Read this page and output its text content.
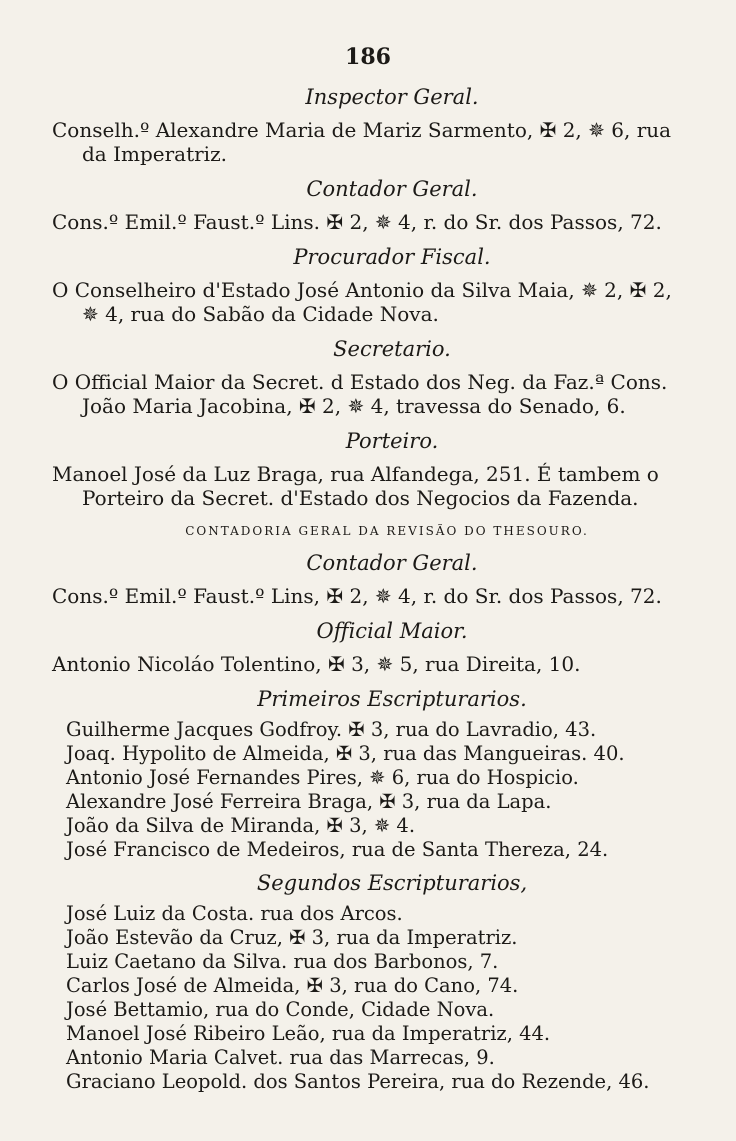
186
Inspector Geral.
Conselh.º Alexandre Maria de Mariz Sarmento, ✠ 2, ✵ 6, rua da Imperatriz.
Contador Geral.
Cons.º Emil.º Faust.º Lins. ✠ 2, ✵ 4, r. do Sr. dos Passos, 72.
Procurador Fiscal.
O Conselheiro d'Estado José Antonio da Silva Maia, ✵ 2, ✠ 2, ✵ 4, rua do Sabão da Cidade Nova.
Secretario.
O Official Maior da Secret. d Estado dos Neg. da Faz.ª Cons. João Maria Jacobina, ✠ 2, ✵ 4, travessa do Senado, 6.
Porteiro.
Manoel José da Luz Braga, rua Alfandega, 251. É tambem o Porteiro da Secret. d'Estado dos Negocios da Fazenda.
CONTADORIA GERAL DA REVISÃO DO THESOURO.
Contador Geral.
Cons.º Emil.º Faust.º Lins, ✠ 2, ✵ 4, r. do Sr. dos Passos, 72.
Official Maior.
Antonio Nicoláo Tolentino, ✠ 3, ✵ 5, rua Direita, 10.
Primeiros Escripturarios.
Guilherme Jacques Godfroy. ✠ 3, rua do Lavradio, 43.
Joaq. Hypolito de Almeida, ✠ 3, rua das Mangueiras. 40.
Antonio José Fernandes Pires, ✵ 6, rua do Hospicio.
Alexandre José Ferreira Braga, ✠ 3, rua da Lapa.
João da Silva de Miranda, ✠ 3, ✵ 4.
José Francisco de Medeiros, rua de Santa Thereza, 24.
Segundos Escripturarios,
José Luiz da Costa. rua dos Arcos.
João Estevão da Cruz, ✠ 3, rua da Imperatriz.
Luiz Caetano da Silva. rua dos Barbonos, 7.
Carlos José de Almeida, ✠ 3, rua do Cano, 74.
José Bettamio, rua do Conde, Cidade Nova.
Manoel José Ribeiro Leão, rua da Imperatriz, 44.
Antonio Maria Calvet. rua das Marrecas, 9.
Graciano Leopold. dos Santos Pereira, rua do Rezende, 46.
